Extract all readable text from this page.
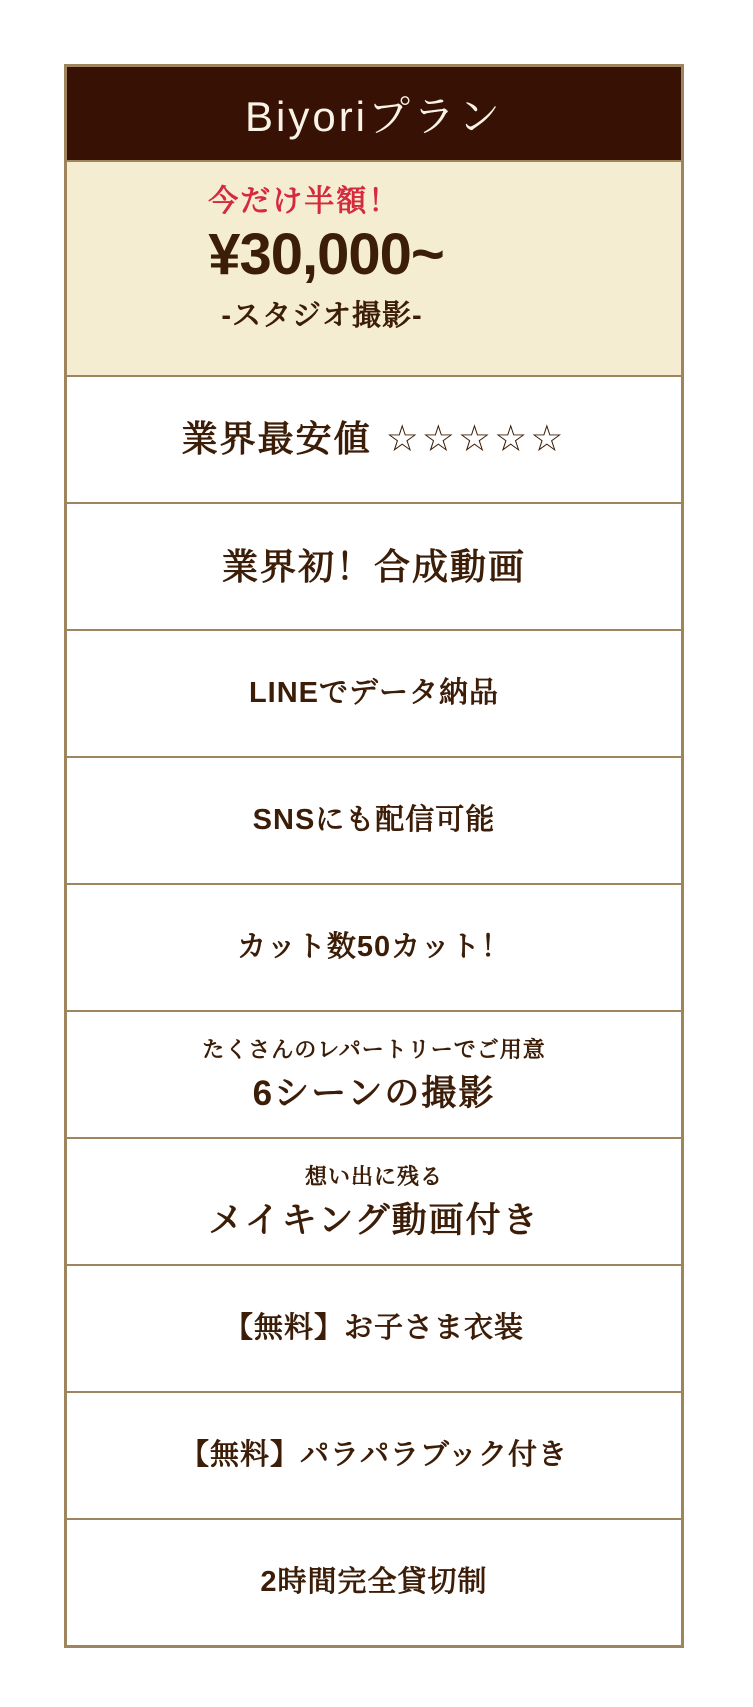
Biyoriプラン
今だけ半額！
¥30,000~
-スタジオ撮影-
業界最安値 ☆☆☆☆☆
業界初！合成動画
LINEでデータ納品
SNSにも配信可能
カット数50カット！
たくさんのレパートリーでご用意
6シーンの撮影
想い出に残る
メイキング動画付き
【無料】お子さま衣装
【無料】パラパラブック付き
2時間完全貸切制
